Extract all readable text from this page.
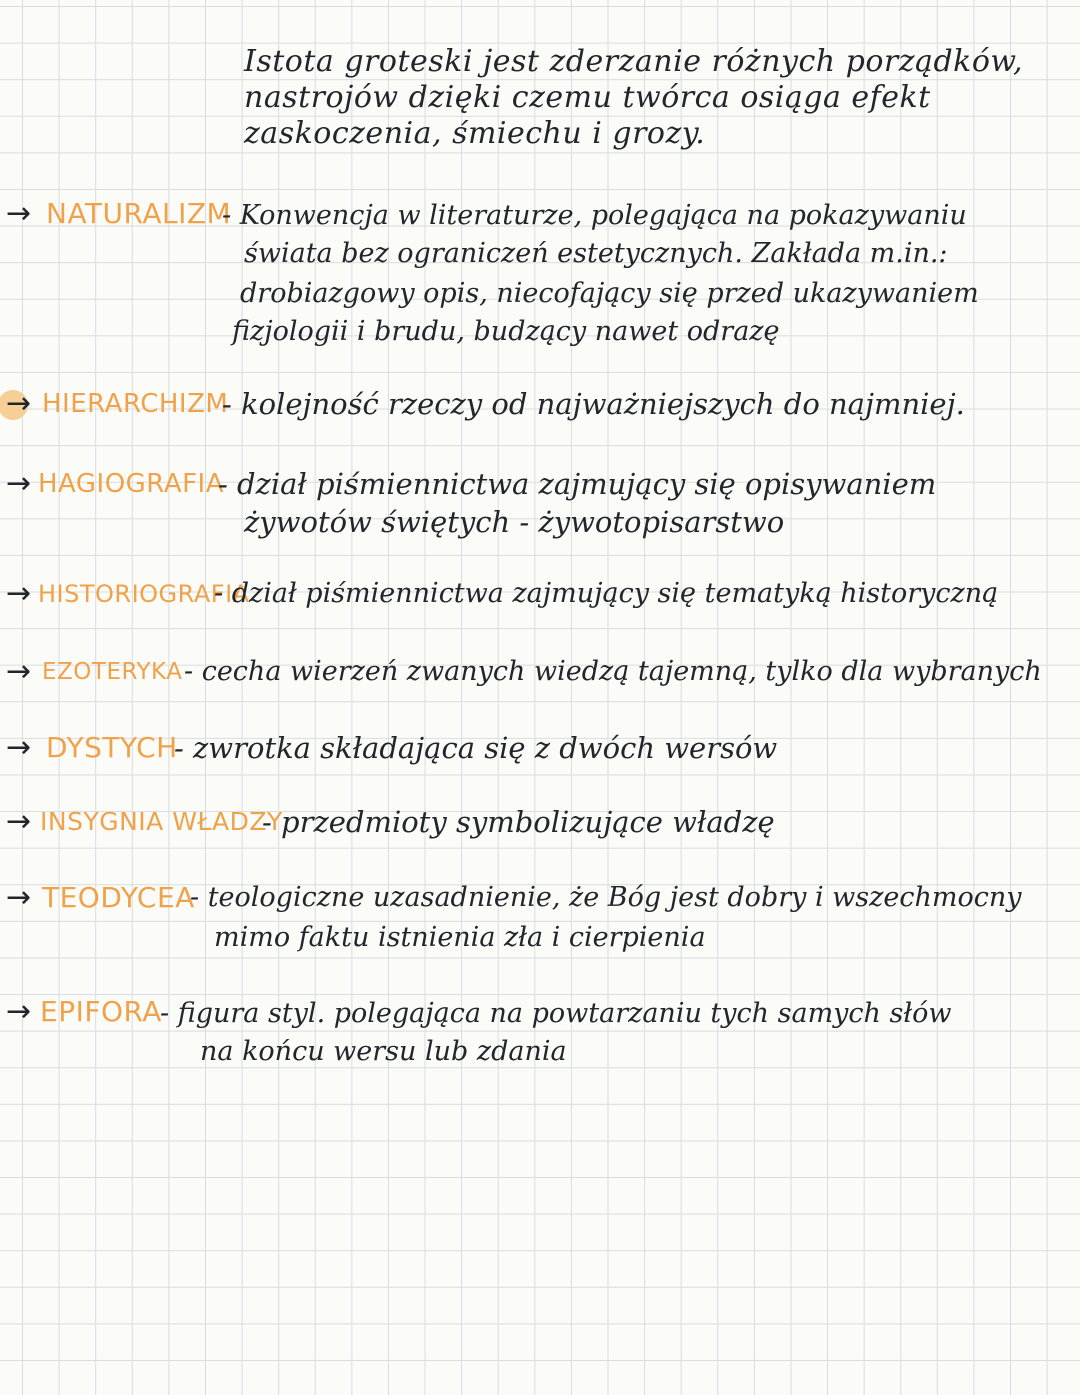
Istota groteski jest zderzanie różnych porządków,
nastrojów dzięki czemu twórca osiąga efekt
zaskoczenia, śmiechu i grozy.
→ NATURALIZM
- Konwencja w literaturze, polegająca na pokazywaniu
świata bez ograniczeń estetycznych. Zakłada m.in.:
drobiazgowy opis, niecofający się przed ukazywaniem
fizjologii i brudu, budzący nawet odrazę
→ HIERARCHIZM
- kolejność rzeczy od najważniejszych do najmniej.
→ HAGIOGRAFIA
- dział piśmiennictwa zajmujący się opisywaniem
żywotów świętych - żywotopisarstwo
→ HISTORIOGRAFIA
- dział piśmiennictwa zajmujący się tematyką historyczną
→ EZOTERYKA - cecha wierzeń zwanych wiedzą tajemną, tylko dla wybranych
→ DYSTYCH
- zwrotka składająca się z dwóch wersów
→ INSYGNIA WŁADZY
- przedmioty symbolizujące władzę
→ TEODYCEA
- teologiczne uzasadnienie, że Bóg jest dobry i wszechmocny
mimo faktu istnienia zła i cierpienia
→ EPIFORA
- figura styl. polegająca na powtarzaniu tych samych słów
na końcu wersu lub zdania
